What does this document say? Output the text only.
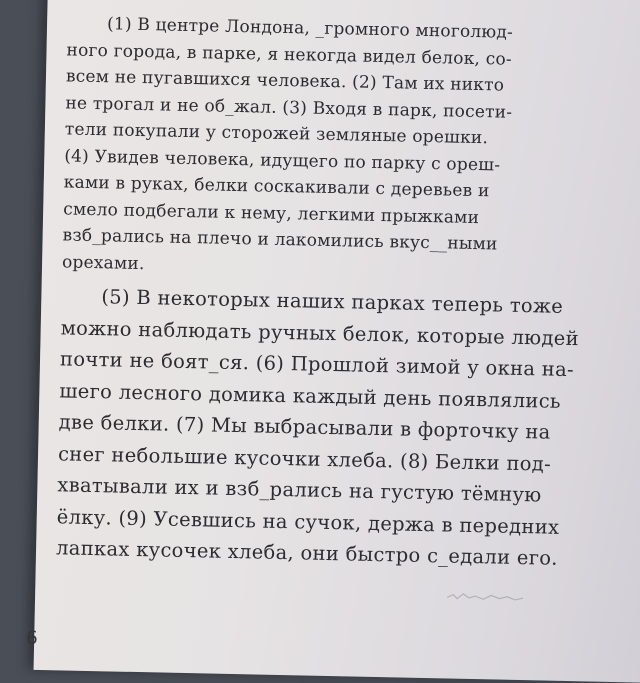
(1) В центре Лондона, _громного многолюд-
ного города, в парке, я некогда видел белок, со-
всем не пугавшихся человека. (2) Там их никто
не трогал и не об_жал. (3) Входя в парк, посети-
тели покупали у сторожей земляные орешки.
(4) Увидев человека, идущего по парку с ореш-
ками в руках, белки соскакивали с деревьев и
смело подбегали к нему, легкими прыжками
взб_рались на плечо и лакомились вкус__ными
орехами.
(5) В некоторых наших парках теперь тоже
можно наблюдать ручных белок, которые людей
почти не боят_ся. (6) Прошлой зимой у окна на-
шего лесного домика каждый день появлялись
две белки. (7) Мы выбрасывали в форточку на
снег небольшие кусочки хлеба. (8) Белки под-
хватывали их и взб_рались на густую тёмную
ёлку. (9) Усевшись на сучок, держа в передних
лапках кусочек хлеба, они быстро с_едали его.
6
